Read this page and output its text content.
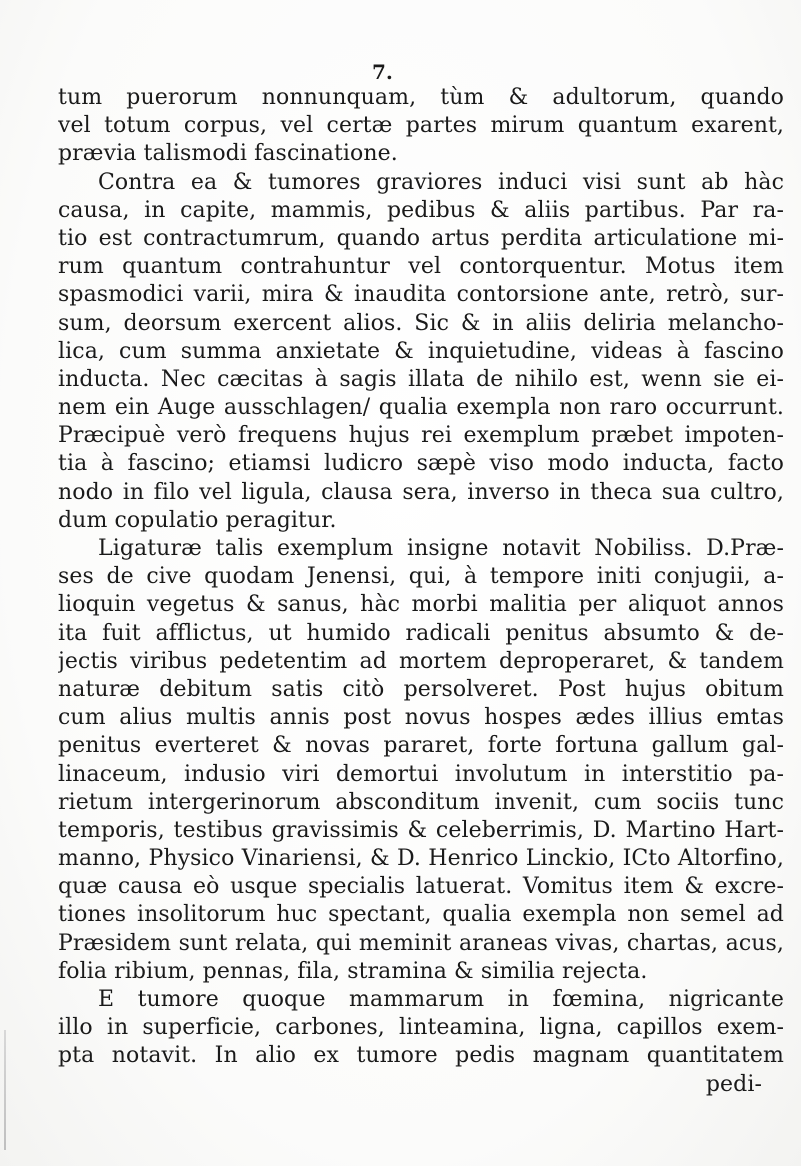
7.
tum puerorum nonnunquam, tùm & adultorum, quando
vel totum corpus, vel certæ partes mirum quantum exarent,
prævia talismodi fascinatione.
Contra ea & tumores graviores induci visi sunt ab hàc
causa, in capite, mammis, pedibus & aliis partibus. Par ra-
tio est contractumrum, quando artus perdita articulatione mi-
rum quantum contrahuntur vel contorquentur. Motus item
spasmodici varii, mira & inaudita contorsione ante, retrò, sur-
sum, deorsum exercent alios. Sic & in aliis deliria melancho-
lica, cum summa anxietate & inquietudine, videas à fascino
inducta. Nec cæcitas à sagis illata de nihilo est, wenn sie ei-
nem ein Auge ausschlagen/ qualia exempla non raro occurrunt.
Præcipuè verò frequens hujus rei exemplum præbet impoten-
tia à fascino; etiamsi ludicro sæpè viso modo inducta, facto
nodo in filo vel ligula, clausa sera, inverso in theca sua cultro,
dum copulatio peragitur.
Ligaturæ talis exemplum insigne notavit Nobiliss. D.Præ-
ses de cive quodam Jenensi, qui, à tempore initi conjugii, a-
lioquin vegetus & sanus, hàc morbi malitia per aliquot annos
ita fuit afflictus, ut humido radicali penitus absumto & de-
jectis viribus pedetentim ad mortem deproperaret, & tandem
naturæ debitum satis citò persolveret. Post hujus obitum
cum alius multis annis post novus hospes ædes illius emtas
penitus everteret & novas pararet, forte fortuna gallum gal-
linaceum, indusio viri demortui involutum in interstitio pa-
rietum intergerinorum absconditum invenit, cum sociis tunc
temporis, testibus gravissimis & celeberrimis, D. Martino Hart-
manno, Physico Vinariensi, & D. Henrico Linckio, ICto Altorfino,
quæ causa eò usque specialis latuerat. Vomitus item & excre-
tiones insolitorum huc spectant, qualia exempla non semel ad
Præsidem sunt relata, qui meminit araneas vivas, chartas, acus,
folia ribium, pennas, fila, stramina & similia rejecta.
E tumore quoque mammarum in fœmina, nigricante
illo in superficie, carbones, linteamina, ligna, capillos exem-
pta notavit. In alio ex tumore pedis magnam quantitatem
pedi-
